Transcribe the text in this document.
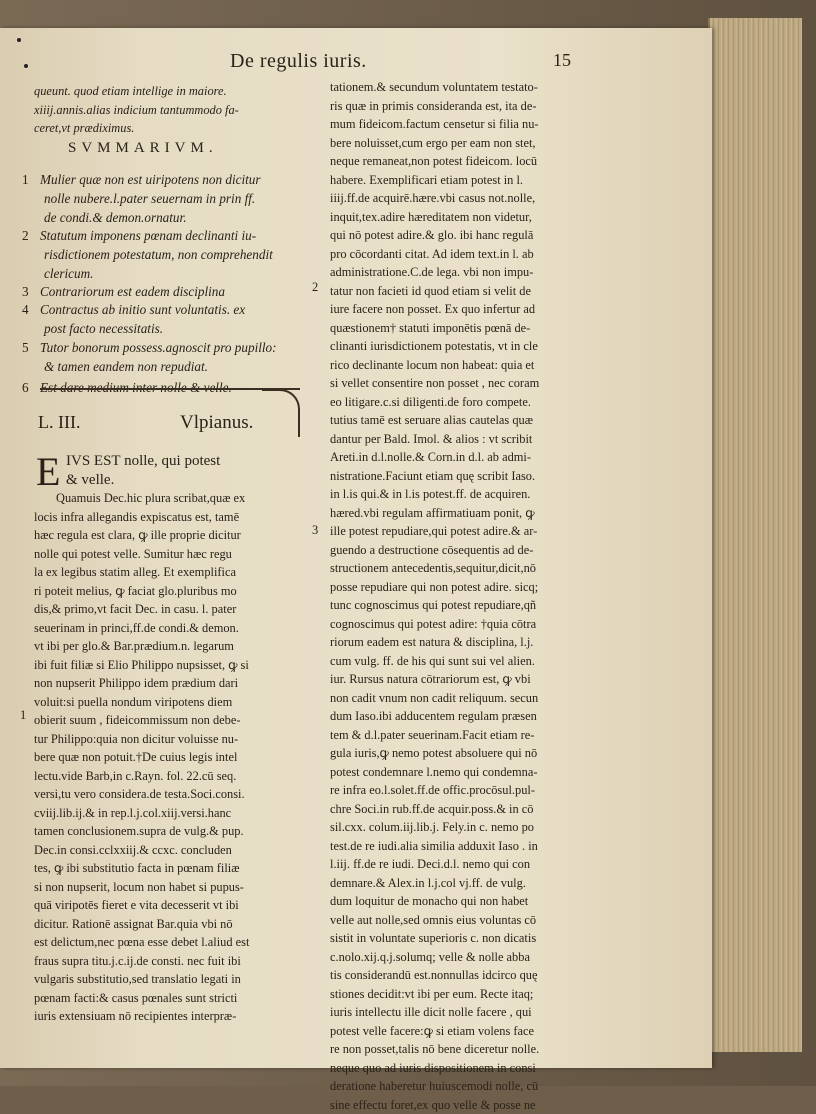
De regulis iuris.	15
queunt. quod etiam intellige in maiore.
xiiij.annis.alias indicium tantummodo fa-
ceret,vt prædiximus.
SVMMARIVM.
1 Mulier quæ non est uiripotens non dicitur
nolle nubere.l.pater seuernam in prin ff.
de condi.& demon.ornatur.
2 Statutum imponens pœnam declinanti iu-
risdictionem potestatum, non comprehendit
clericum.
3 Contrariorum est eadem disciplina
4 Contractus ab initio sunt voluntatis. ex
post facto necessitatis.
5 Tutor bonorum possess.agnoscit pro pupillo:
& tamen eandem non repudiat.
6
L. III.	Vlpianus.
E IVS EST nolle, qui potest
& velle.
Quamuis Dec.hic plura scribat,quæ ex
locis infra allegandis expiscatus est, tamē
hæc regula est clara, ꝙ ille proprie dicitur
nolle qui potest velle. Sumitur hæc regu
la ex legibus statim alleg. Et exemplifica
ri poteit melius, ꝙ faciat glo.pluribus mo
dis,& primo,vt facit Dec. in casu. l. pater
seuerinam in princi,ff.de condi.& demon.
vt ibi per glo.& Bar.prædium.n. legarum
ibi fuit filiæ si Elio Philippo nupsisset, ꝙ si
non nupserit Philippo idem prædium dari
voluit:si puella nondum viripotens diem
obierit suum , fideicommissum non debe-
tur Philippo:quia non dicitur voluisse nu-
bere quæ non potuit.†De cuius legis intel
lectu.vide Barb,in c.Rayn. fol. 22.cū seq.
versi,tu vero considera.de testa.Soci.consi.
cviij.lib.ij.& in rep.l.j.col.xiij.versi.hanc
tamen conclusionem.supra de vulg.& pup.
Dec.in consi.cclxxiij.& ccxc. concluden
tes, ꝙ ibi substitutio facta in pœnam filiæ
si non nupserit, locum non habet si pupus-
quā viripotēs fieret e vita decesserit vt ibi
dicitur. Rationē assignat Bar.quia vbi nō
est delictum,nec pœna esse debet l.aliud est
fraus supra titu.j.c.ij.de consti. nec fuit ibi
vulgaris substitutio,sed translatio legati in
pœnam facti:& casus pœnales sunt stricti
iuris extensiuam nō recipientes interpræ-
1
tationem.& secundum voluntatem testato-
ris quæ in primis consideranda est, ita de-
mum fideicom.factum censetur si filia nu-
bere noluisset,cum ergo per eam non stet,
neque remaneat,non potest fideicom. locū
habere. Exemplificari etiam potest in l.
iiij.ff.de acquirē.hære.vbi casus not.nolle,
inquit,tex.adire hæreditatem non videtur,
qui nō potest adire.& glo. ibi hanc regulā
pro cōcordanti citat. Ad idem text.in l. ab
administratione.C.de lega. vbi non impu-
tatur non facieti id quod etiam si velit de
iure facere non posset. Ex quo infertur ad
quæstionem† statuti imponētis pœnā de-
clinanti iurisdictionem potestatis, vt in cle
rico declinante locum non habeat: quia et
si vellet consentire non posset , nec coram
eo litigare.c.si diligenti.de foro compete.
tutius tamē est seruare alias cautelas quæ
dantur per Bald. Imol. & alios : vt scribit
Areti.in d.l.nolle.& Corn.in d.l. ab admi-
nistratione.Faciunt etiam quę scribit Iaso.
in l.is qui.& in l.is potest.ff. de acquiren.
hæred.vbi regulam affirmatiuam ponit, ꝙ
ille potest repudiare,qui potest adire.& ar-
guendo a destructione cōsequentis ad de-
structionem antecedentis,sequitur,dicit,nō
posse repudiare qui non potest adire. sicq;
tunc cognoscimus qui potest repudiare,qñ
cognoscimus qui potest adire: †quia cōtra
riorum eadem est natura & disciplina, l.j.
cum vulg. ff. de his qui sunt sui vel alien.
iur. Rursus natura cōtrariorum est, ꝙ vbi
non cadit vnum non cadit reliquum. secun
dum Iaso.ibi adducentem regulam præsen
tem & d.l.pater seuerinam.Facit etiam re-
gula iuris,ꝙ nemo potest absoluere qui nō
potest condemnare l.nemo qui condemna-
re infra eo.l.solet.ff.de offic.procōsul.pul-
chre Soci.in rub.ff.de acquir.poss.& in cō
sil.cxx. colum.iij.lib.j. Fely.in c. nemo po
test.de re iudi.alia similia adduxit Iaso . in
l.iij. ff.de re iudi. Deci.d.l. nemo qui con
demnare.& Alex.in l.j.col vj.ff. de vulg.
dum loquitur de monacho qui non habet
velle aut nolle,sed omnis eius voluntas cō
sistit in voluntate superioris c. non dicatis
c.nolo.xij.q.j.solumq; velle & nolle abba
tis considerandū est.nonnullas idcirco quę
stiones decidit:vt ibi per eum. Recte itaq;
iuris intellectu ille dicit nolle facere , qui
potest velle facere:ꝙ si etiam volens face
re non posset,talis nō bene diceretur nolle.
neque quo ad iuris dispositionem in consi
deratione haberetur huiuscemodi nolle, cū
sine effectu foret,ex quo velle & posse ne
2
3
